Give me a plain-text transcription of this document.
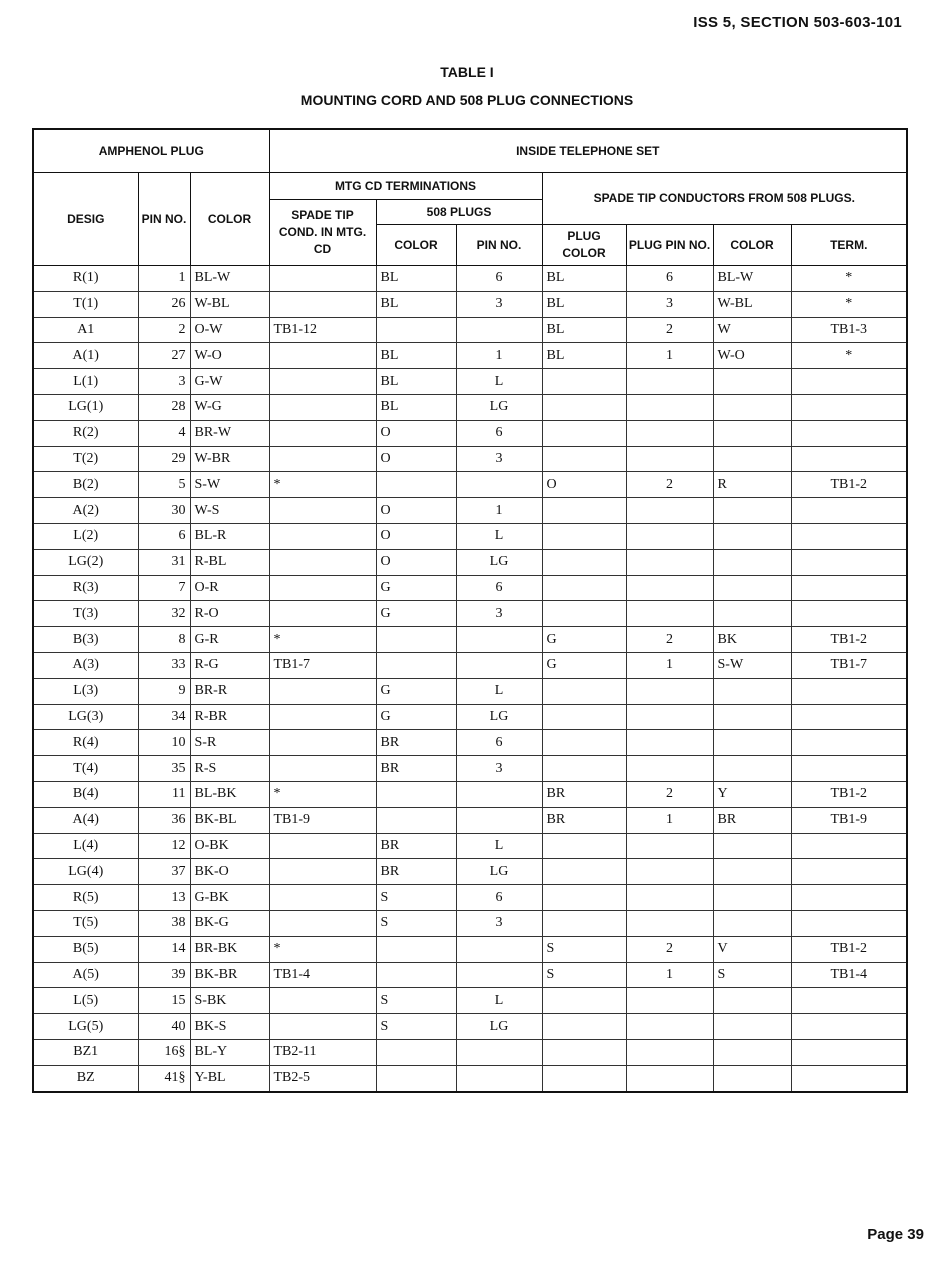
ISS 5, SECTION 503-603-101
TABLE I
MOUNTING CORD AND 508 PLUG CONNECTIONS
AMPHENOL PLUG			INSIDE TELEPHONE SET						
DESIG	PIN NO.	COLOR	MTG CD TERMINATIONS			SPADE TIP CONDUCTORS FROM 508 PLUGS.			
			SPADE TIP COND. IN MTG. CD	508 PLUGS					
				COLOR	PIN NO.	PLUG COLOR	PLUG PIN NO.	COLOR	TERM.
R(1)	1	BL-W		BL	6	BL	6	BL-W	*
T(1)	26	W-BL		BL	3	BL	3	W-BL	*
A1	2	O-W	TB1-12			BL	2	W	TB1-3
A(1)	27	W-O		BL	1	BL	1	W-O	*
L(1)	3	G-W		BL	L				
LG(1)	28	W-G		BL	LG				
R(2)	4	BR-W		O	6				
T(2)	29	W-BR		O	3				
B(2)	5	S-W	*			O	2	R	TB1-2
A(2)	30	W-S		O	1				
L(2)	6	BL-R		O	L				
LG(2)	31	R-BL		O	LG				
R(3)	7	O-R		G	6				
T(3)	32	R-O		G	3				
B(3)	8	G-R	*			G	2	BK	TB1-2
A(3)	33	R-G	TB1-7			G	1	S-W	TB1-7
L(3)	9	BR-R		G	L				
LG(3)	34	R-BR		G	LG				
R(4)	10	S-R		BR	6				
T(4)	35	R-S		BR	3				
B(4)	11	BL-BK	*			BR	2	Y	TB1-2
A(4)	36	BK-BL	TB1-9			BR	1	BR	TB1-9
L(4)	12	O-BK		BR	L				
LG(4)	37	BK-O		BR	LG				
R(5)	13	G-BK		S	6				
T(5)	38	BK-G		S	3				
B(5)	14	BR-BK	*			S	2	V	TB1-2
A(5)	39	BK-BR	TB1-4			S	1	S	TB1-4
L(5)	15	S-BK		S	L				
LG(5)	40	BK-S		S	LG				
BZ1	16§	BL-Y	TB2-11						
BZ	41§	Y-BL	TB2-5						
Page 39
